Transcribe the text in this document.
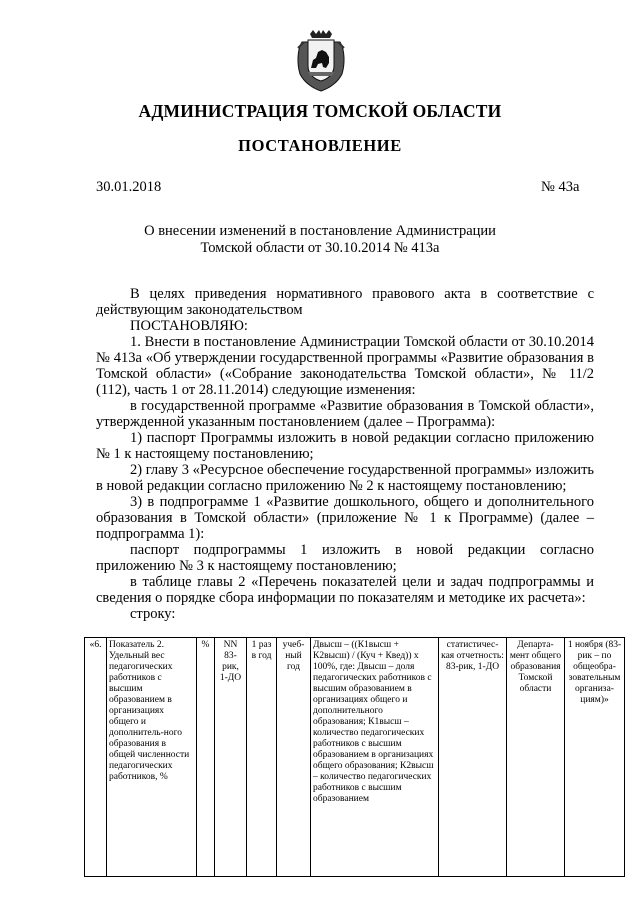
АДМИНИСТРАЦИЯ ТОМСКОЙ ОБЛАСТИ
ПОСТАНОВЛЕНИЕ
30.01.2018	№ 43а
О внесении изменений в постановление Администрации
Томской области от 30.10.2014 № 413а

В целях приведения нормативного правового акта в соответствие с действующим законодательством

ПОСТАНОВЛЯЮ:

1. Внести в постановление Администрации Томской области от 30.10.2014 № 413а «Об утверждении государственной программы «Развитие образования в Томской области» («Собрание законодательства Томской области», № 11/2 (112), часть 1 от 28.11.2014) следующие изменения:

в государственной программе «Развитие образования в Томской области», утвержденной указанным постановлением (далее – Программа):

1) паспорт Программы изложить в новой редакции согласно приложению № 1 к настоящему постановлению;

2) главу 3 «Ресурсное обеспечение государственной программы» изложить в новой редакции согласно приложению № 2 к настоящему постановлению;

3) в подпрограмме 1 «Развитие дошкольного, общего и дополнительного образования в Томской области» (приложение № 1 к Программе) (далее – подпрограмма 1):

паспорт подпрограммы 1 изложить в новой редакции согласно приложению № 3 к настоящему постановлению;

в таблице главы 2 «Перечень показателей цели и задач подпрограммы и сведения о порядке сбора информации по показателям и методике их расчета»:

строку:

«6.	Показатель 2. Удельный вес педагогических работников с высшим образованием в организациях общего и дополнитель-ного образования в общей численности педагогических работников, %	%	NN 83-рик, 1-ДО	1 раз в год	учеб-ный год	Двысш – ((К1высш + К2высш) / (Куч + Квед)) x 100%, где: Двысш – доля педагогических работников с высшим образованием в организациях общего и дополнительного образования; К1высш – количество педагогических работников с высшим образованием в организациях общего образования; К2высш – количество педагогических работников с высшим образованием	статистичес-кая отчетность: 83-рик, 1-ДО	Департа-мент общего образования Томской области	1 ноября (83-рик – по общеобра-зовательным организа-циям)»
